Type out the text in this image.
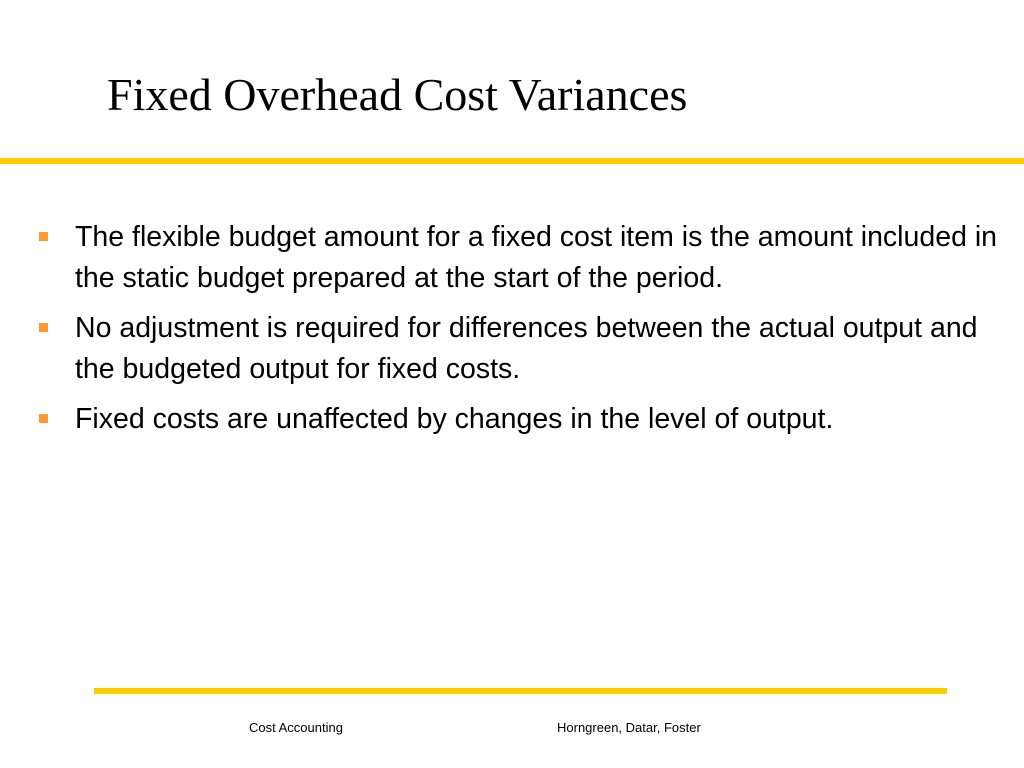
Fixed Overhead Cost Variances
The flexible budget amount for a fixed cost item is the amount included in the static budget prepared at the start of the period.
No adjustment is required for differences between the actual output and the budgeted output for fixed costs.
Fixed costs are unaffected by changes in the level of output.
Cost Accounting	Horngreen, Datar, Foster
